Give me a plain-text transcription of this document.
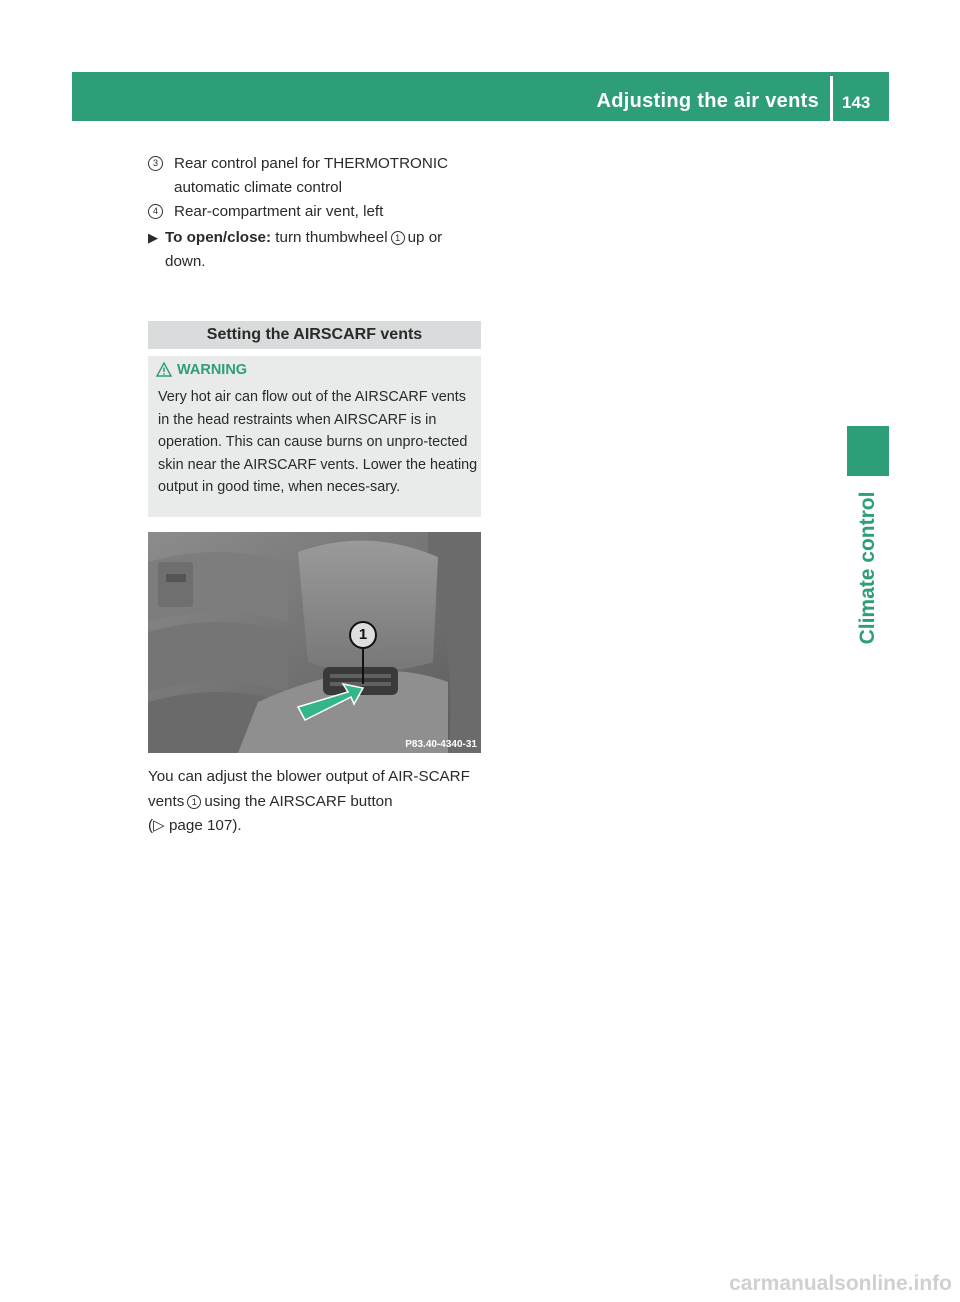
Adjusting the air vents 143
Climate control
3	Rear control panel for THERMOTRONIC automatic climate control
4	Rear-compartment air vent, left
▶ To open/close: turn thumbwheel 1 up or down.
Setting the AIRSCARF vents
WARNING
Very hot air can flow out of the AIRSCARF vents in the head restraints when AIRSCARF is in operation. This can cause burns on unpro-tected skin near the AIRSCARF vents. Lower the heating output in good time, when neces-sary.
1
P83.40-4340-31
You can adjust the blower output of AIR-SCARF vents 1 using the AIRSCARF button
(▷ page 107).
carmanualsonline.info
